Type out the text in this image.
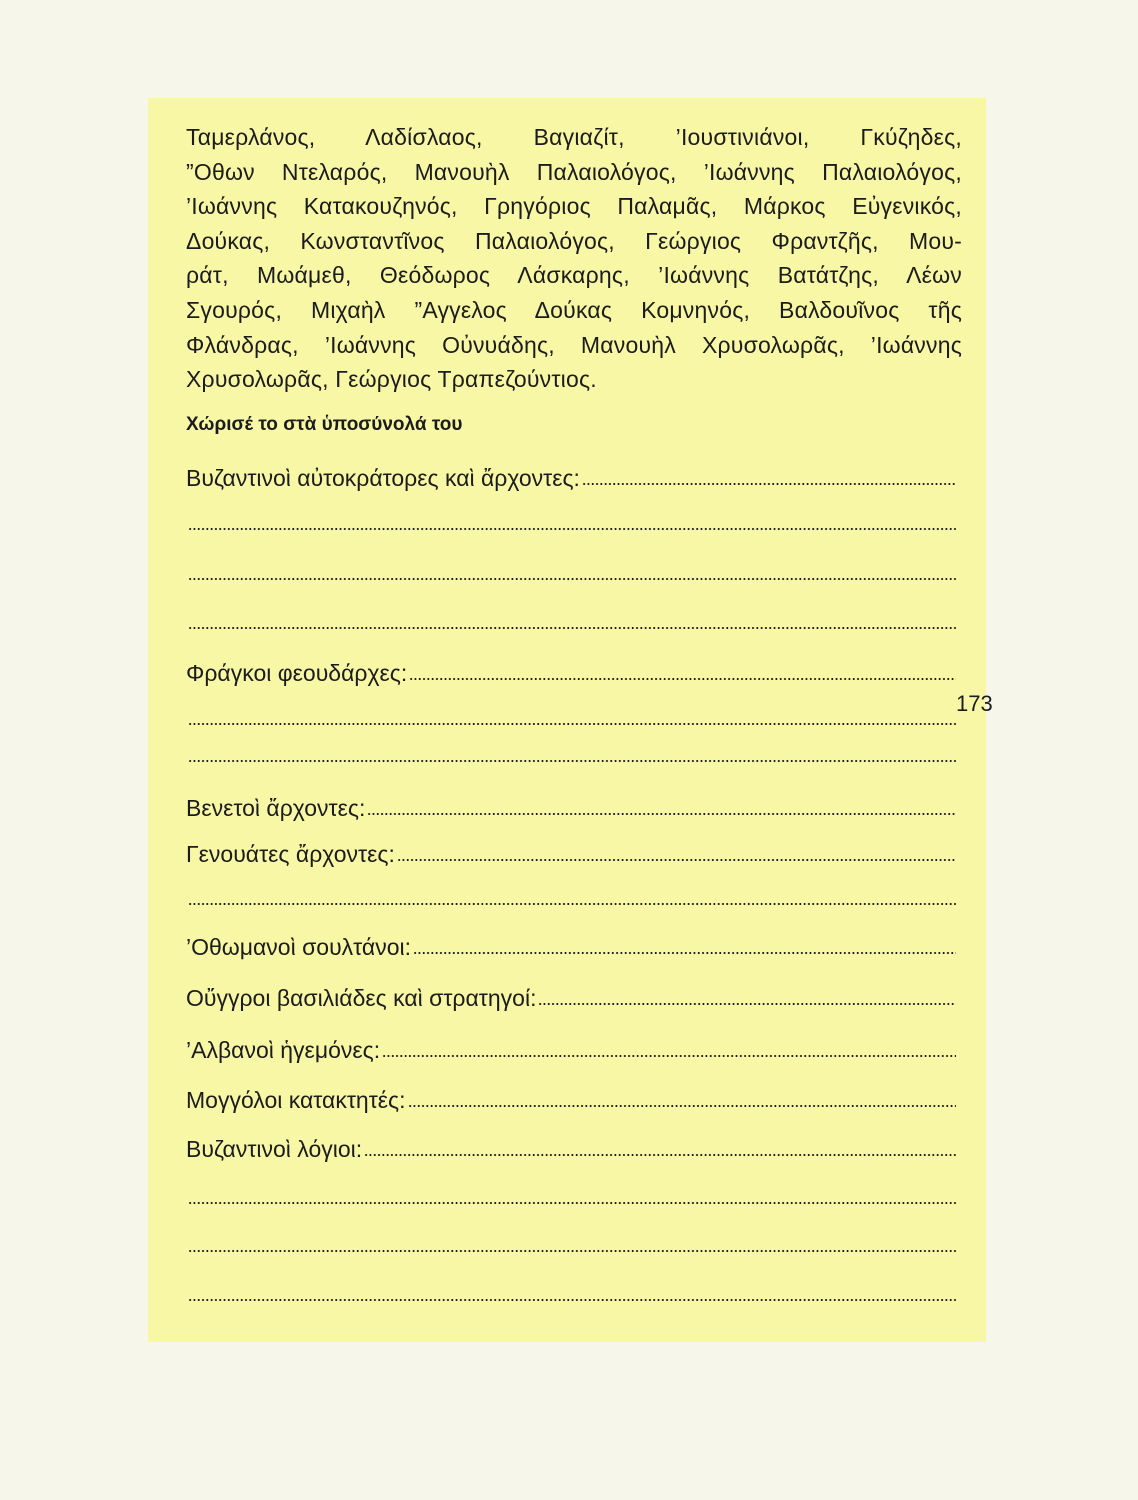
Ταμερλάνος, Λαδίσλαος, Βαγιαζίτ, ’Ιουστινιάνοι, Γκύζηδες,
”Οθων Ντελαρός, Μανουὴλ Παλαιολόγος, ’Ιωάννης Παλαιολόγος,
’Ιωάννης Κατακουζηνός, Γρηγόριος Παλαμᾶς, Μάρκος Εὐγενικός,
Δούκας, Κωνσταντῖνος Παλαιολόγος, Γεώργιος Φραντζῆς, Μου-
ράτ, Μωάμεθ, Θεόδωρος Λάσκαρης, ’Ιωάννης Βατάτζης, Λέων
Σγουρός, Μιχαὴλ ”Αγγελος Δούκας Κομνηνός, Βαλδουῖνος τῆς
Φλάνδρας, ’Ιωάννης Οὐνυάδης, Μανουὴλ Χρυσολωρᾶς, ’Ιωάννης
Χρυσολωρᾶς, Γεώργιος Τραπεζούντιος.

Χώρισέ το στὰ ὑποσύνολά του

Βυζαντινοὶ αὐτοκράτορες καὶ ἄρχοντες:
Φράγκοι φεουδάρχες:
Βενετοὶ ἄρχοντες:
Γενουάτες ἄρχοντες:
’Οθωμανοὶ σουλτάνοι:
Οὔγγροι βασιλιάδες καὶ στρατηγοί:
’Αλβανοὶ ἡγεμόνες:
Μογγόλοι κατακτητές:
Βυζαντινοὶ λόγιοι:
173
